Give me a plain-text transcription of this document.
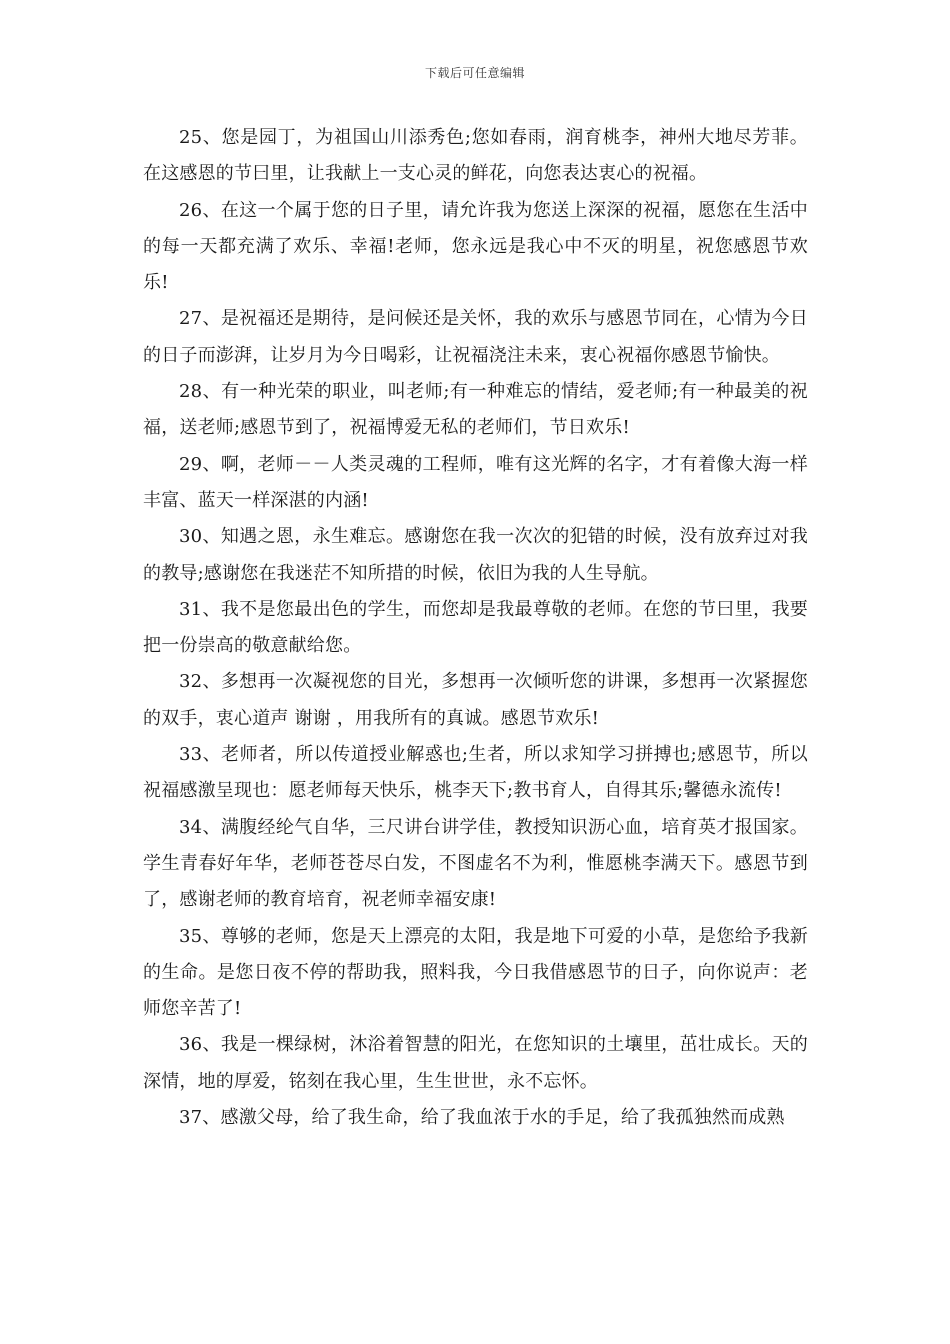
下载后可任意编辑

25、您是园丁，为祖国山川添秀色;您如春雨，润育桃李，神州大地尽芳菲。在这感恩的节曰里，让我献上一支心灵的鲜花，向您表达衷心的祝福。

26、在这一个属于您的日子里，请允许我为您送上深深的祝福，愿您在生活中的每一天都充满了欢乐、幸福!老师，您永远是我心中不灭的明星，祝您感恩节欢乐!

27、是祝福还是期待，是问候还是关怀，我的欢乐与感恩节同在，心情为今日的日子而澎湃，让岁月为今日喝彩，让祝福浇注未来，衷心祝福你感恩节愉快。

28、有一种光荣的职业，叫老师;有一种难忘的情结，爱老师;有一种最美的祝福，送老师;感恩节到了，祝福博爱无私的老师们，节日欢乐!

29、啊，老师－－人类灵魂的工程师，唯有这光辉的名字，才有着像大海一样丰富、蓝天一样深湛的内涵!

30、知遇之恩，永生难忘。感谢您在我一次次的犯错的时候，没有放弃过对我的教导;感谢您在我迷茫不知所措的时候，依旧为我的人生导航。

31、我不是您最出色的学生，而您却是我最尊敬的老师。在您的节曰里，我要把一份崇高的敬意献给您。

32、多想再一次凝视您的目光，多想再一次倾听您的讲课，多想再一次紧握您的双手，衷心道声 谢谢 ，用我所有的真诚。感恩节欢乐!

33、老师者，所以传道授业解惑也;生者，所以求知学习拼搏也;感恩节，所以祝福感激呈现也：愿老师每天快乐，桃李天下;教书育人，自得其乐;馨德永流传!

34、满腹经纶气自华，三尺讲台讲学佳，教授知识沥心血，培育英才报国家。学生青春好年华，老师苍苍尽白发，不图虚名不为利，惟愿桃李满天下。感恩节到了，感谢老师的教育培育，祝老师幸福安康!

35、尊够的老师，您是天上漂亮的太阳，我是地下可爱的小草，是您给予我新的生命。是您日夜不停的帮助我，照料我，今日我借感恩节的日子，向你说声：老师您辛苦了!

36、我是一棵绿树，沐浴着智慧的阳光，在您知识的土壤里，茁壮成长。天的深情，地的厚爱，铭刻在我心里，生生世世，永不忘怀。

37、感激父母，给了我生命，给了我血浓于水的手足，给了我孤独然而成熟
